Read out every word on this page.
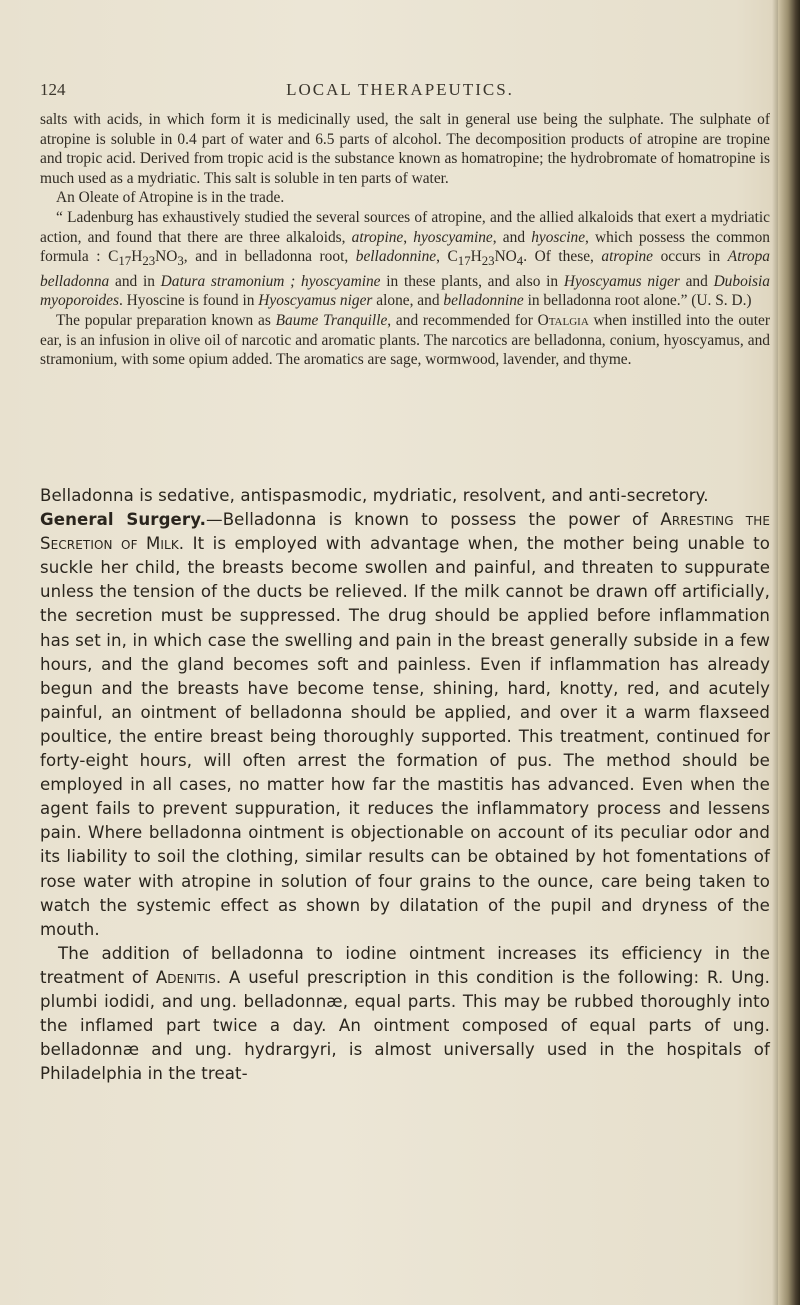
124	LOCAL THERAPEUTICS.

salts with acids, in which form it is medicinally used, the salt in general use being the sulphate. The sulphate of atropine is soluble in 0.4 part of water and 6.5 parts of alcohol. The decomposition products of atropine are tropine and tropic acid. Derived from tropic acid is the substance known as homatropine; the hydrobromate of homatropine is much used as a mydriatic. This salt is soluble in ten parts of water.

An Oleate of Atropine is in the trade.

“ Ladenburg has exhaustively studied the several sources of atropine, and the allied alkaloids that exert a mydriatic action, and found that there are three alkaloids, atropine, hyoscyamine, and hyoscine, which possess the common formula : $C_{17}H_{23}NO_3$, and in belladonna root, belladonnine, $C_{17}H_{23}NO_4$. Of these, atropine occurs in Atropa belladonna and in Datura stramonium ; hyoscyamine in these plants, and also in Hyoscyamus niger and Duboisia myoporoides. Hyoscine is found in Hyoscyamus niger alone, and belladonnine in belladonna root alone.” (U. S. D.)

The popular preparation known as Baume Tranquille, and recommended for Otalgia when instilled into the outer ear, is an infusion in olive oil of narcotic and aromatic plants. The narcotics are belladonna, conium, hyoscyamus, and stramonium, with some opium added. The aromatics are sage, wormwood, lavender, and thyme.

Belladonna is sedative, antispasmodic, mydriatic, resolvent, and anti-secretory.

General Surgery.—Belladonna is known to possess the power of Arresting the Secretion of Milk. It is employed with advantage when, the mother being unable to suckle her child, the breasts become swollen and painful, and threaten to suppurate unless the tension of the ducts be relieved. If the milk cannot be drawn off artificially, the secretion must be suppressed. The drug should be applied before inflammation has set in, in which case the swelling and pain in the breast generally subside in a few hours, and the gland becomes soft and painless. Even if inflammation has already begun and the breasts have become tense, shining, hard, knotty, red, and acutely painful, an ointment of belladonna should be applied, and over it a warm flaxseed poultice, the entire breast being thoroughly supported. This treatment, continued for forty-eight hours, will often arrest the formation of pus. The method should be employed in all cases, no matter how far the mastitis has advanced. Even when the agent fails to prevent suppuration, it reduces the inflammatory process and lessens pain. Where belladonna ointment is objectionable on account of its peculiar odor and its liability to soil the clothing, similar results can be obtained by hot fomentations of rose water with atropine in solution of four grains to the ounce, care being taken to watch the systemic effect as shown by dilatation of the pupil and dryness of the mouth.

The addition of belladonna to iodine ointment increases its efficiency in the treatment of Adenitis. A useful prescription in this condition is the following: R. Ung. plumbi iodidi, and ung. belladonnæ, equal parts. This may be rubbed thoroughly into the inflamed part twice a day. An ointment composed of equal parts of ung. belladonnæ and ung. hydrargyri, is almost universally used in the hospitals of Philadelphia in the treat-
